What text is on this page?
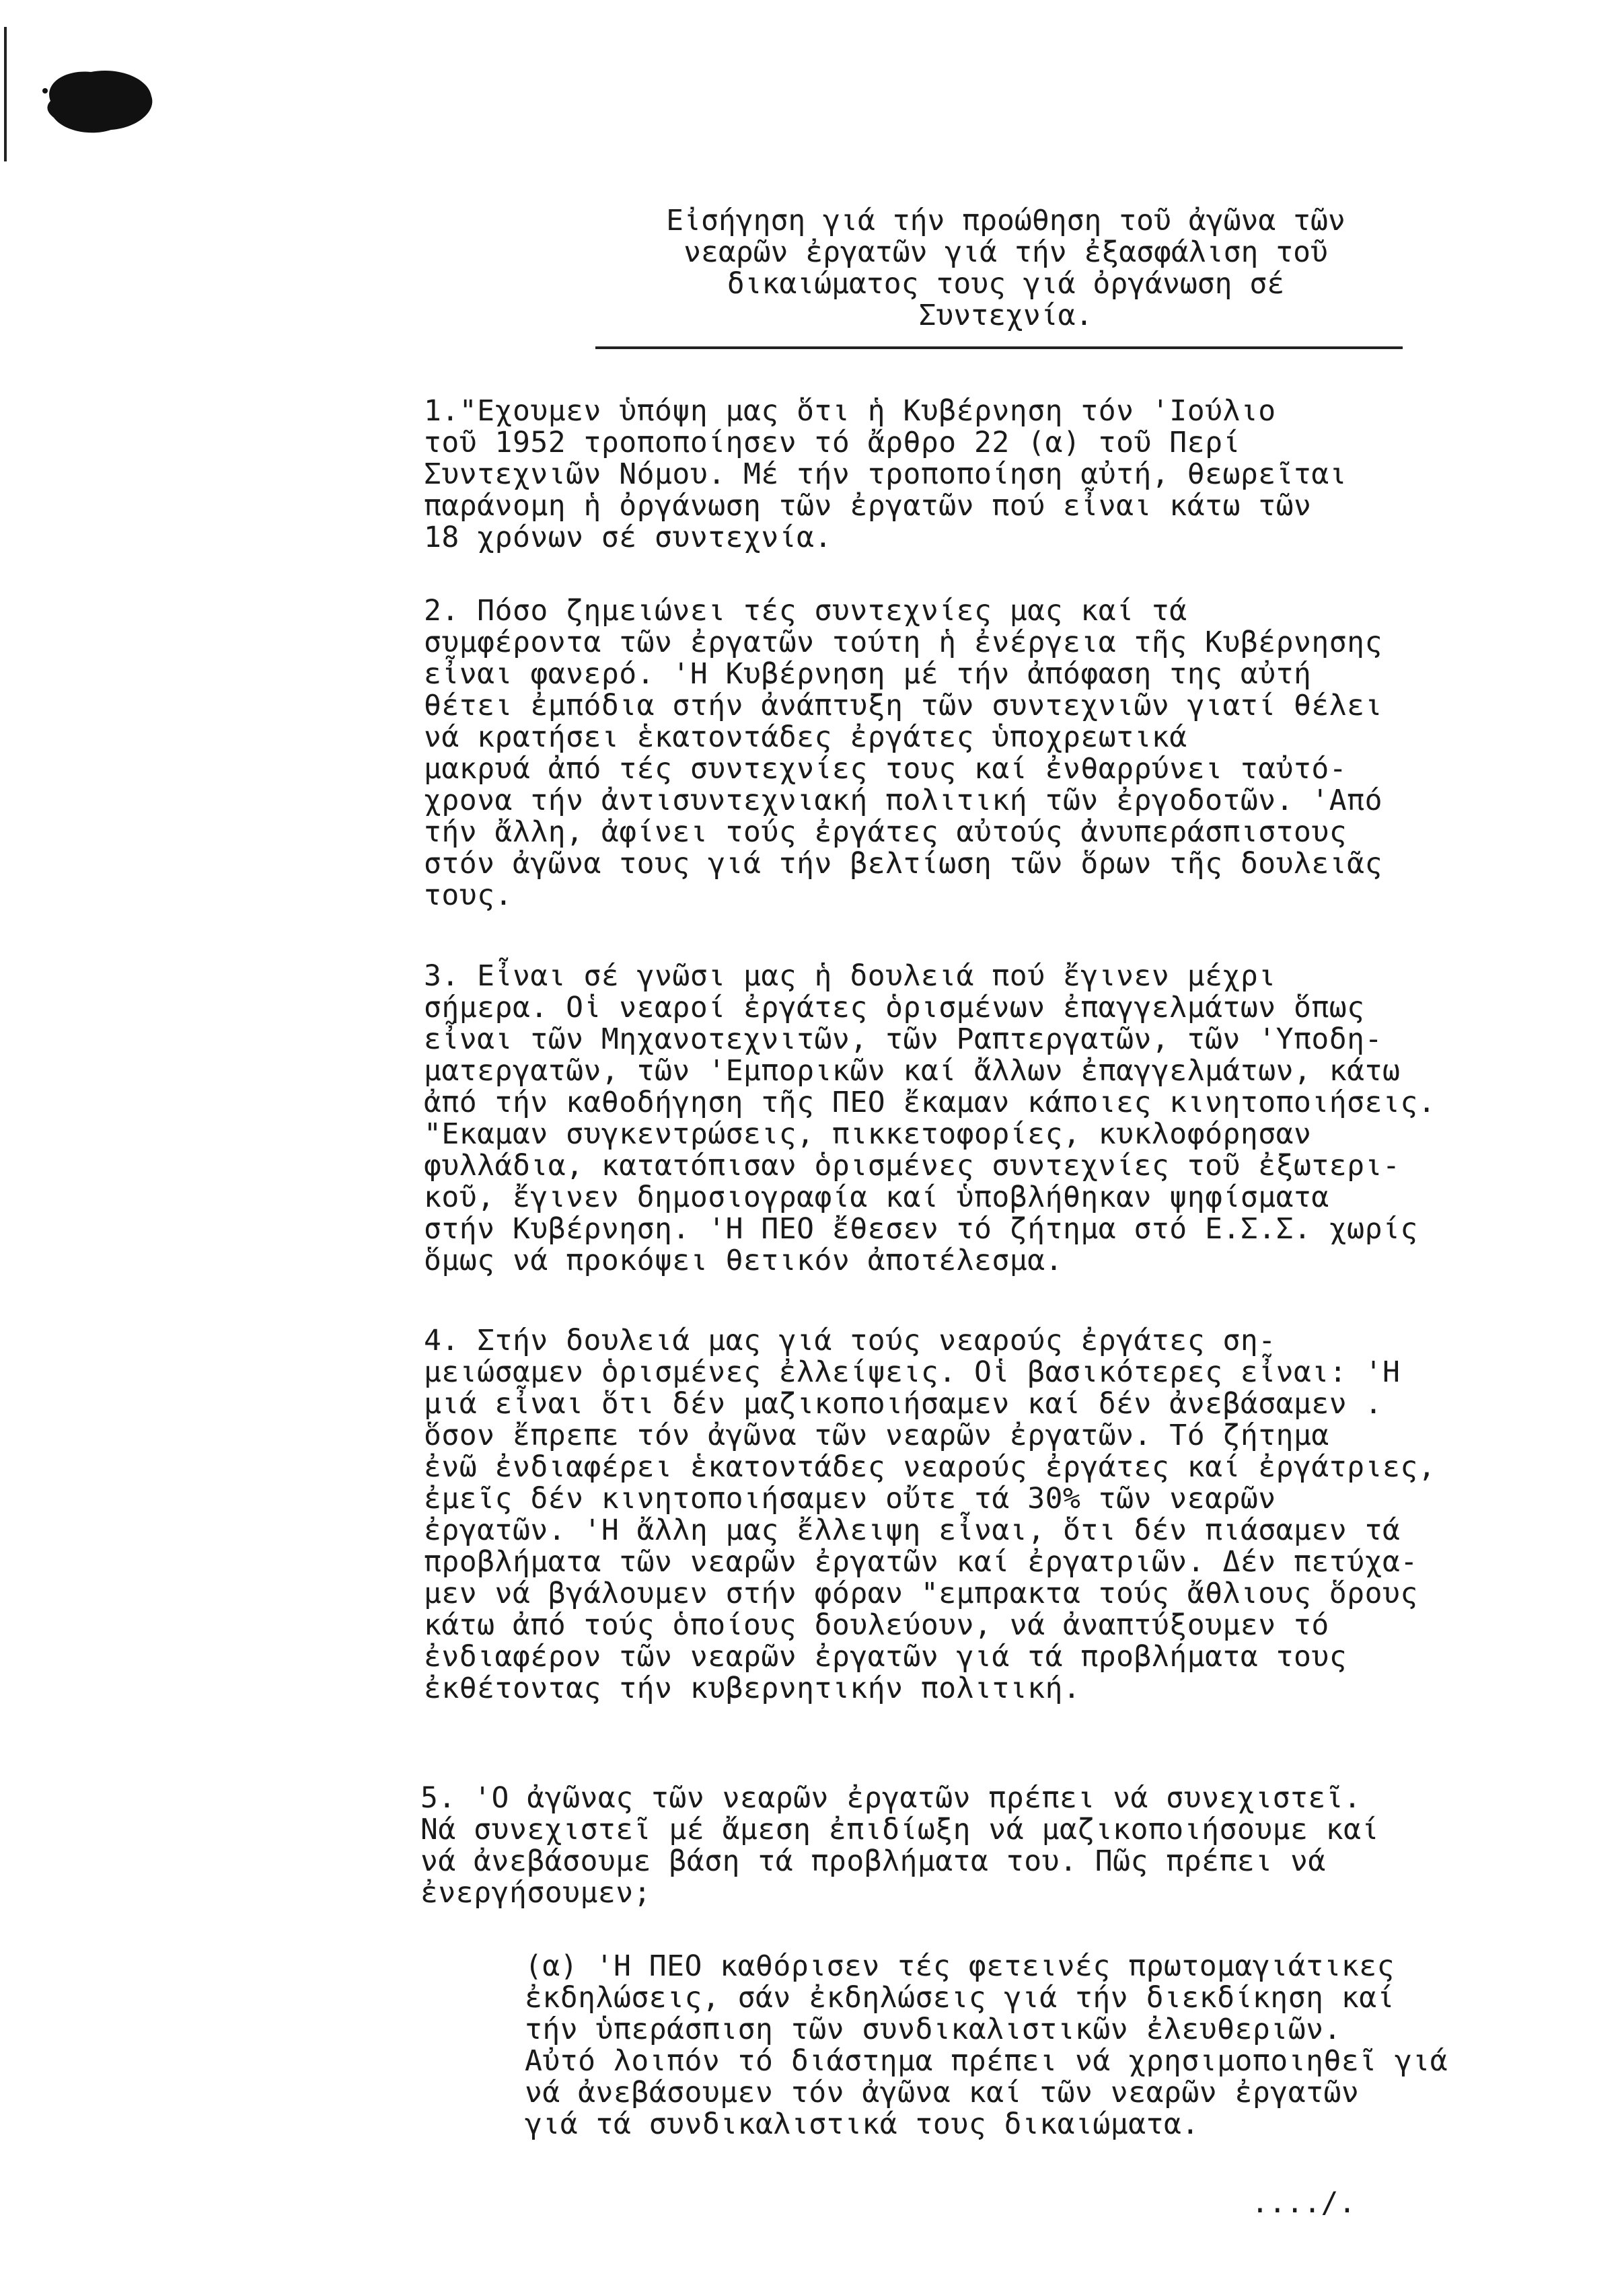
Εἰσήγηση γιά τήν προώθηση τοῦ ἀγῶνα τῶν
νεαρῶν ἐργατῶν γιά τήν ἐξασφάλιση τοῦ
δικαιώματος τους γιά ὀργάνωση σέ
Συντεχνία.
1."Εχουμεν ὑπόψη μας ὅτι ἡ Κυβέρνηση τόν 'Ιούλιο
τοῦ 1952 τροποποίησεν τό ἄρθρο 22 (α) τοῦ Περί
Συντεχνιῶν Νόμου. Μέ τήν τροποποίηση αὐτή, θεωρεῖται
παράνομη ἡ ὀργάνωση τῶν ἐργατῶν πού εἶναι κάτω τῶν
18 χρόνων σέ συντεχνία.
2. Πόσο ζημειώνει τές συντεχνίες μας καί τά
συμφέροντα τῶν ἐργατῶν τούτη ἡ ἐνέργεια τῆς Κυβέρνησης
εἶναι φανερό. 'Η Κυβέρνηση μέ τήν ἀπόφαση της αὐτή
θέτει ἐμπόδια στήν ἀνάπτυξη τῶν συντεχνιῶν γιατί θέλει
νά κρατήσει ἑκατοντάδες ἐργάτες ὑποχρεωτικά
μακρυά ἀπό τές συντεχνίες τους καί ἐνθαρρύνει ταὐτό-
χρονα τήν ἀντισυντεχνιακή πολιτική τῶν ἐργοδοτῶν. 'Από
τήν ἄλλη, ἀφίνει τούς ἐργάτες αὐτούς ἀνυπεράσπιστους
στόν ἀγῶνα τους γιά τήν βελτίωση τῶν ὅρων τῆς δουλειᾶς
τους.
3. Εἶναι σέ γνῶσι μας ἡ δουλειά πού ἔγινεν μέχρι
σήμερα. Οἱ νεαροί ἐργάτες ὁρισμένων ἐπαγγελμάτων ὅπως
εἶναι τῶν Μηχανοτεχνιτῶν, τῶν Ραπτεργατῶν, τῶν 'Υποδη-
ματεργατῶν, τῶν 'Εμπορικῶν καί ἄλλων ἐπαγγελμάτων, κάτω
ἀπό τήν καθοδήγηση τῆς ΠΕΟ ἔκαμαν κάποιες κινητοποιήσεις.
"Εκαμαν συγκεντρώσεις, πικκετοφορίες, κυκλοφόρησαν
φυλλάδια, κατατόπισαν ὁρισμένες συντεχνίες τοῦ ἐξωτερι-
κοῦ, ἔγινεν δημοσιογραφία καί ὑποβλήθηκαν ψηφίσματα
στήν Κυβέρνηση. 'Η ΠΕΟ ἔθεσεν τό ζήτημα στό Ε.Σ.Σ. χωρίς
ὅμως νά προκόψει θετικόν ἀποτέλεσμα.
4. Στήν δουλειά μας γιά τούς νεαρούς ἐργάτες ση-
μειώσαμεν ὁρισμένες ἐλλείψεις. Οἱ βασικότερες εἶναι: 'Η
μιά εἶναι ὅτι δέν μαζικοποιήσαμεν καί δέν ἀνεβάσαμεν .
ὅσον ἔπρεπε τόν ἀγῶνα τῶν νεαρῶν ἐργατῶν. Τό ζήτημα
ἐνῶ ἐνδιαφέρει ἑκατοντάδες νεαρούς ἐργάτες καί ἐργάτριες,
ἐμεῖς δέν κινητοποιήσαμεν οὔτε τά 30% τῶν νεαρῶν
ἐργατῶν. 'Η ἄλλη μας ἔλλειψη εἶναι, ὅτι δέν πιάσαμεν τά
προβλήματα τῶν νεαρῶν ἐργατῶν καί ἐργατριῶν. Δέν πετύχα-
μεν νά βγάλουμεν στήν φόραν "εμπρακτα τούς ἄθλιους ὅρους
κάτω ἀπό τούς ὁποίους δουλεύουν, νά ἀναπτύξουμεν τό
ἐνδιαφέρον τῶν νεαρῶν ἐργατῶν γιά τά προβλήματα τους
ἐκθέτοντας τήν κυβερνητικήν πολιτική.
5. 'Ο ἀγῶνας τῶν νεαρῶν ἐργατῶν πρέπει νά συνεχιστεῖ.
Νά συνεχιστεῖ μέ ἄμεση ἐπιδίωξη νά μαζικοποιήσουμε καί
νά ἀνεβάσουμε βάση τά προβλήματα του. Πῶς πρέπει νά
ἐνεργήσουμεν;
(α) 'Η ΠΕΟ καθόρισεν τές φετεινές πρωτομαγιάτικες
ἐκδηλώσεις, σάν ἐκδηλώσεις γιά τήν διεκδίκηση καί
τήν ὑπεράσπιση τῶν συνδικαλιστικῶν ἐλευθεριῶν.
Αὐτό λοιπόν τό διάστημα πρέπει νά χρησιμοποιηθεῖ γιά
νά ἀνεβάσουμεν τόν ἀγῶνα καί τῶν νεαρῶν ἐργατῶν
γιά τά συνδικαλιστικά τους δικαιώματα.
..../.
